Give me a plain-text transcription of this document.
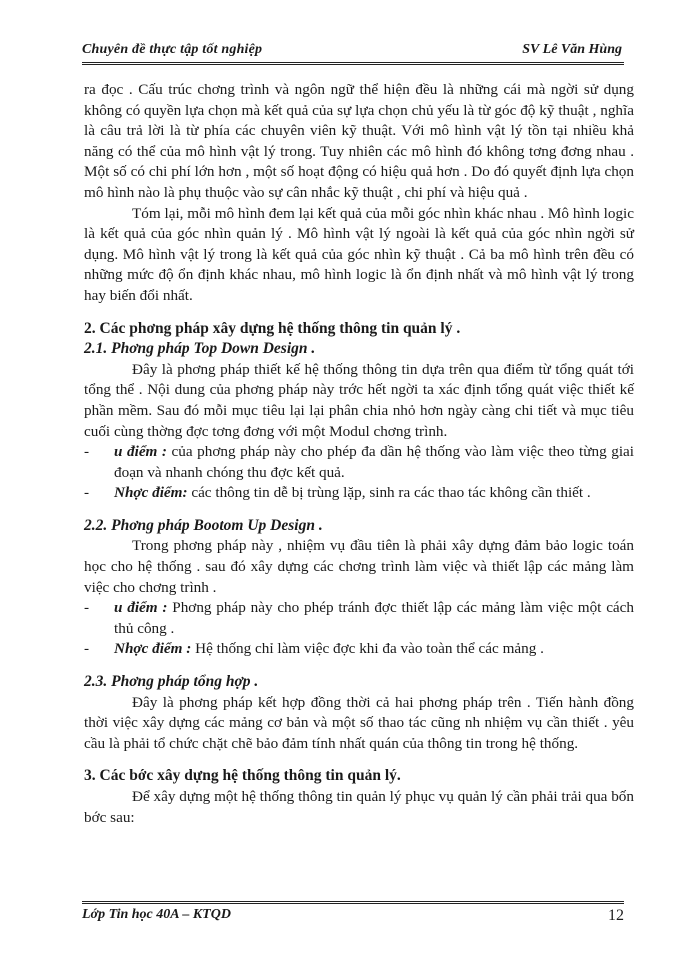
Chuyên đề thực tập tốt nghiệp	SV Lê Văn Hùng

ra đọc . Cấu trúc chơng trình và ngôn ngữ thể hiện đều là những cái mà ngời sử dụng không có quyền lựa chọn mà kết quả của sự lựa chọn chủ yếu là từ góc độ kỹ thuật , nghĩa là câu trả lời là từ phía các chuyên viên kỹ thuật. Với mô hình vật lý tồn tại nhiều khả năng có thể của mô hình vật lý trong. Tuy nhiên các mô hình đó không tơng đơng nhau . Một số có chi phí lớn hơn , một số hoạt động có hiệu quả hơn . Do đó quyết định lựa chọn mô hình nào là phụ thuộc vào sự cân nhắc kỹ thuật , chi phí và hiệu quả .

Tóm lại, mỗi mô hình đem lại kết quả của mỗi góc nhìn khác nhau . Mô hình logic là kết quả của góc nhìn quản lý . Mô hình vật lý ngoài là kết quả của góc nhìn ngời sử dụng. Mô hình vật lý trong là kết quả của góc nhìn kỹ thuật . Cả ba mô hình trên đều có những mức độ ổn định khác nhau, mô hình logic là ổn định nhất và mô hình vật lý trong hay biến đổi nhất.

2. Các phơng pháp xây dựng hệ thống thông tin quản lý .

2.1. Phơng pháp Top Down Design .

Đây là phơng pháp thiết kế hệ thống thông tin dựa trên qua điểm từ tổng quát tới tổng thể . Nội dung của phơng pháp này trớc hết ngời ta xác định tổng quát việc thiết kế phần mềm. Sau đó mỗi mục tiêu lại lại phân chia nhỏ hơn ngày càng chi tiết và mục tiêu cuối cùng thờng đợc tơng đơng với một Modul chơng trình.

- u điểm : của phơng pháp này cho phép đa dần hệ thống vào làm việc theo từng giai đoạn và nhanh chóng thu đợc kết quả.
- Nhợc điểm: các thông tin dễ bị trùng lặp, sinh ra các thao tác không cần thiết .

2.2. Phơng pháp Bootom Up Design .

Trong phơng pháp này , nhiệm vụ đầu tiên là phải xây dựng đảm bảo logic toán học cho hệ thống . sau đó xây dựng các chơng trình làm việc và thiết lập các mảng làm việc cho chơng trình .

- u điểm : Phơng pháp này cho phép tránh đợc thiết lập các mảng làm việc một cách thủ công .
- Nhợc điểm : Hệ thống chỉ làm việc đợc khi đa vào toàn thể các mảng .

2.3. Phơng pháp tổng hợp .

Đây là phơng pháp kết hợp đồng thời cả hai phơng pháp trên . Tiến hành đồng thời việc xây dựng các mảng cơ bản và một số thao tác cũng nh nhiệm vụ cần thiết . yêu cầu là phải tổ chức chặt chẽ bảo đảm tính nhất quán của thông tin trong hệ thống.

3. Các bớc xây dựng hệ thống thông tin quản lý.

Để xây dựng một hệ thống thông tin quản lý phục vụ quản lý cần phải trải qua bốn bớc sau:

Lớp Tin học 40A – KTQD	12
